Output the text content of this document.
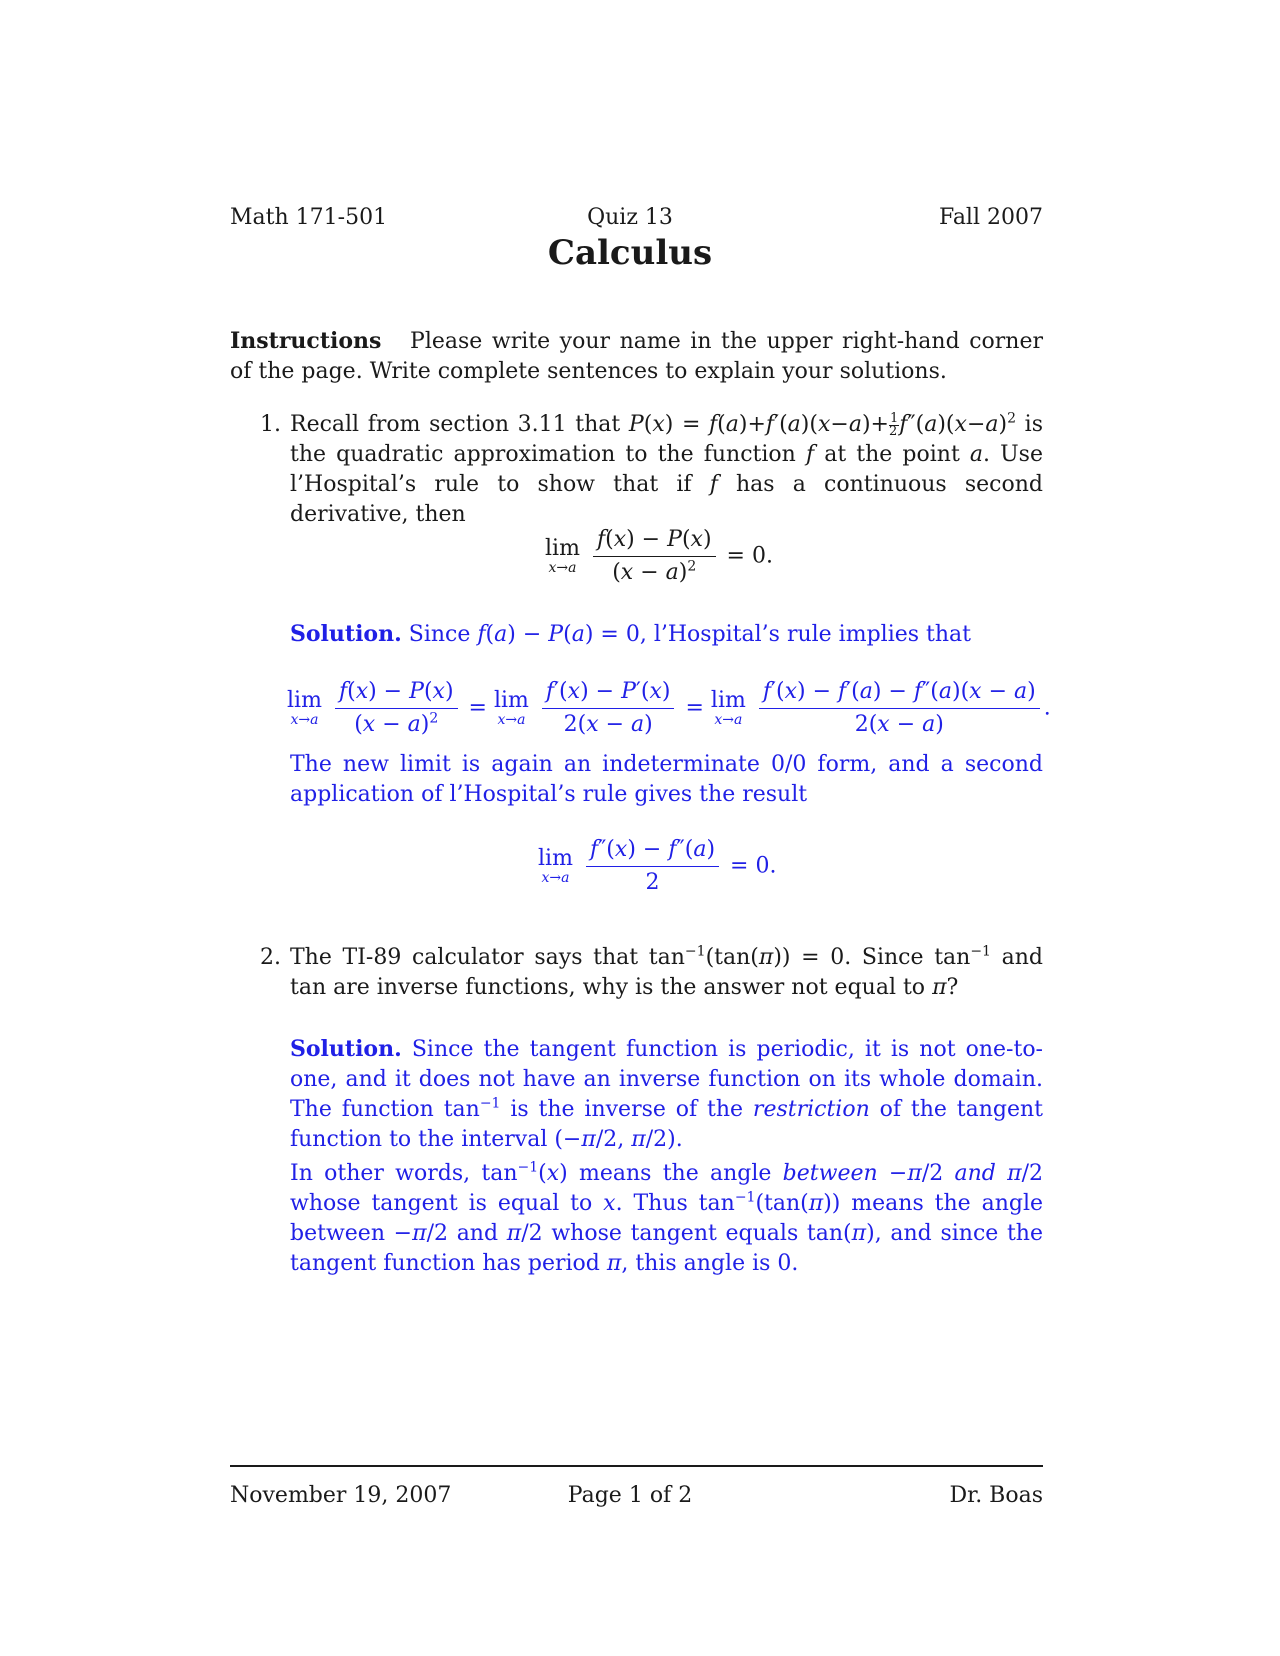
Math 171-501	Quiz 13	Fall 2007
Calculus
Instructions Please write your name in the upper right-hand corner of the page. Write complete sentences to explain your solutions.
1. Recall from section 3.11 that $P(x) = f(a)+f'(a)(x-a)+ \frac{1}{2} f''(a)(x-a)^2$ is the quadratic approximation to the function f at the point a. Use l’Hospital’s rule to show that if f has a continuous second derivative, then
lim
x→a
$\frac{f(x) - P(x)}{(x - a)^2} = 0$.
Solution. Since f(a) − P(a) = 0, l’Hospital’s rule implies that
lim
x→a
$\frac{f(x) - P(x)}{(x - a)^2} = \lim$
x→a
$\frac{f'(x) - P'(x)}{2(x - a)} = \lim$
x→a
$\frac{f'(x) - f'(a) - f''(a)(x - a)}{2(x - a)}$ .
The new limit is again an indeterminate 0/0 form, and a second application of l’Hospital’s rule gives the result
lim
x→a
$\frac{f''(x) - f''(a)}{2} = 0$.
2. The TI-89 calculator says that $\tan^{-1}(\tan(\pi)) = 0$. Since $\tan^{-1}$ and tan are inverse functions, why is the answer not equal to π?
Solution. Since the tangent function is periodic, it is not one-to-one, and it does not have an inverse function on its whole domain. The function $\tan^{-1}$ is the inverse of the restriction of the tangent function to the interval (−π/2, π/2).
In other words, $\tan^{-1}(x)$ means the angle between −π/2 and π/2 whose tangent is equal to x. Thus $\tan^{-1}(\tan(\pi))$ means the angle between −π/2 and π/2 whose tangent equals tan(π), and since the tangent function has period π, this angle is 0.
November 19, 2007	Page 1 of 2	Dr. Boas
